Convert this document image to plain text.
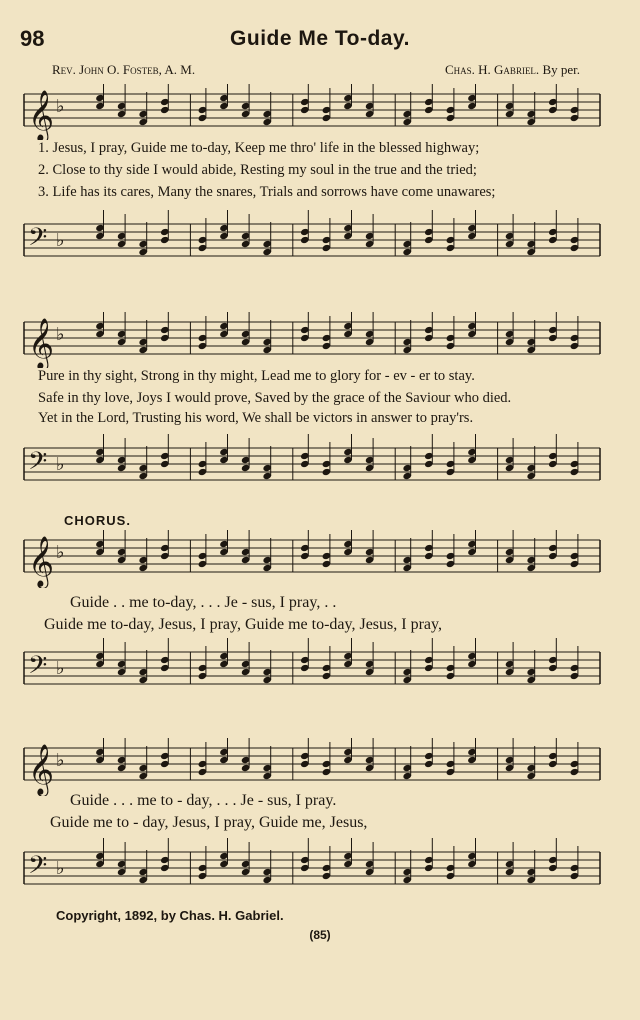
98	Guide Me To-day.
Rev. John O. Fosteb, A. M.	Chas. H. Gabriel. By per.
𝄞 ♭
1. Jesus, I pray, Guide me to-day, Keep me thro' life in the blessed highway;
2. Close to thy side I would abide, Resting my soul in the true and the tried;
3. Life has its cares, Many the snares, Trials and sorrows have come unawares;
𝄢 ♭
𝄞 ♭
Pure in thy sight, Strong in thy might, Lead me to glory for - ev - er to stay.
Safe in thy love, Joys I would prove, Saved by the grace of the Saviour who died.
Yet in the Lord, Trusting his word, We shall be victors in answer to pray'rs.
𝄢 ♭
CHORUS.
𝄞 ♭
Guide . . me to-day, . . . Je - sus, I pray, . .
Guide me to-day, Jesus, I pray, Guide me to-day, Jesus, I pray,
𝄢 ♭
𝄞 ♭
Guide . . . me to - day, . . . Je - sus, I pray.
Guide me to - day, Jesus, I pray, Guide me, Jesus,
𝄢 ♭
Copyright, 1892, by Chas. H. Gabriel.
(85)
